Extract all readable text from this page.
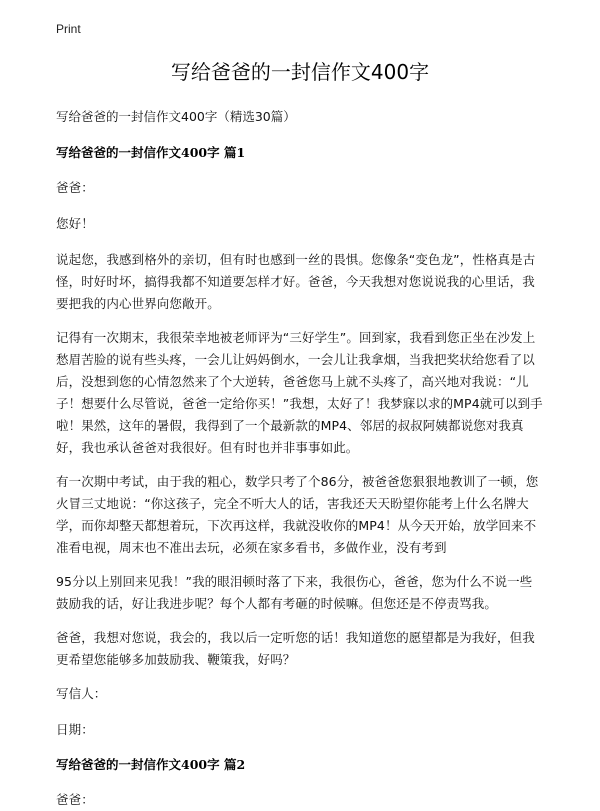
Print
写给爸爸的一封信作文400字

写给爸爸的一封信作文400字（精选30篇）

写给爸爸的一封信作文400字 篇1

爸爸：

您好！

说起您，我感到格外的亲切，但有时也感到一丝的畏惧。您像条“变色龙”，性格真是古怪，时好时坏，搞得我都不知道要怎样才好。爸爸，今天我想对您说说我的心里话，我要把我的内心世界向您敞开。

记得有一次期末，我很荣幸地被老师评为“三好学生”。回到家，我看到您正坐在沙发上愁眉苦脸的说有些头疼，一会儿让妈妈倒水，一会儿让我拿烟，当我把奖状给您看了以后，没想到您的心情忽然来了个大逆转，爸爸您马上就不头疼了，高兴地对我说：“儿子！想要什么尽管说，爸爸一定给你买！”我想，太好了！我梦寐以求的MP4就可以到手啦！果然，这年的暑假，我得到了一个最新款的MP4、邻居的叔叔阿姨都说您对我真好，我也承认爸爸对我很好。但有时也并非事事如此。

有一次期中考试，由于我的粗心，数学只考了个86分，被爸爸您狠狠地教训了一顿，您火冒三丈地说：“你这孩子，完全不听大人的话，害我还天天盼望你能考上什么名牌大学，而你却整天都想着玩，下次再这样，我就没收你的MP4！从今天开始，放学回来不准看电视，周末也不准出去玩，必须在家多看书，多做作业，没有考到

95分以上别回来见我！”我的眼泪顿时落了下来，我很伤心，爸爸，您为什么不说一些鼓励我的话，好让我进步呢？每个人都有考砸的时候嘛。但您还是不停责骂我。

爸爸，我想对您说，我会的，我以后一定听您的话！我知道您的愿望都是为我好，但我更希望您能够多加鼓励我、鞭策我，好吗？

写信人：

日期：

写给爸爸的一封信作文400字 篇2

爸爸：
